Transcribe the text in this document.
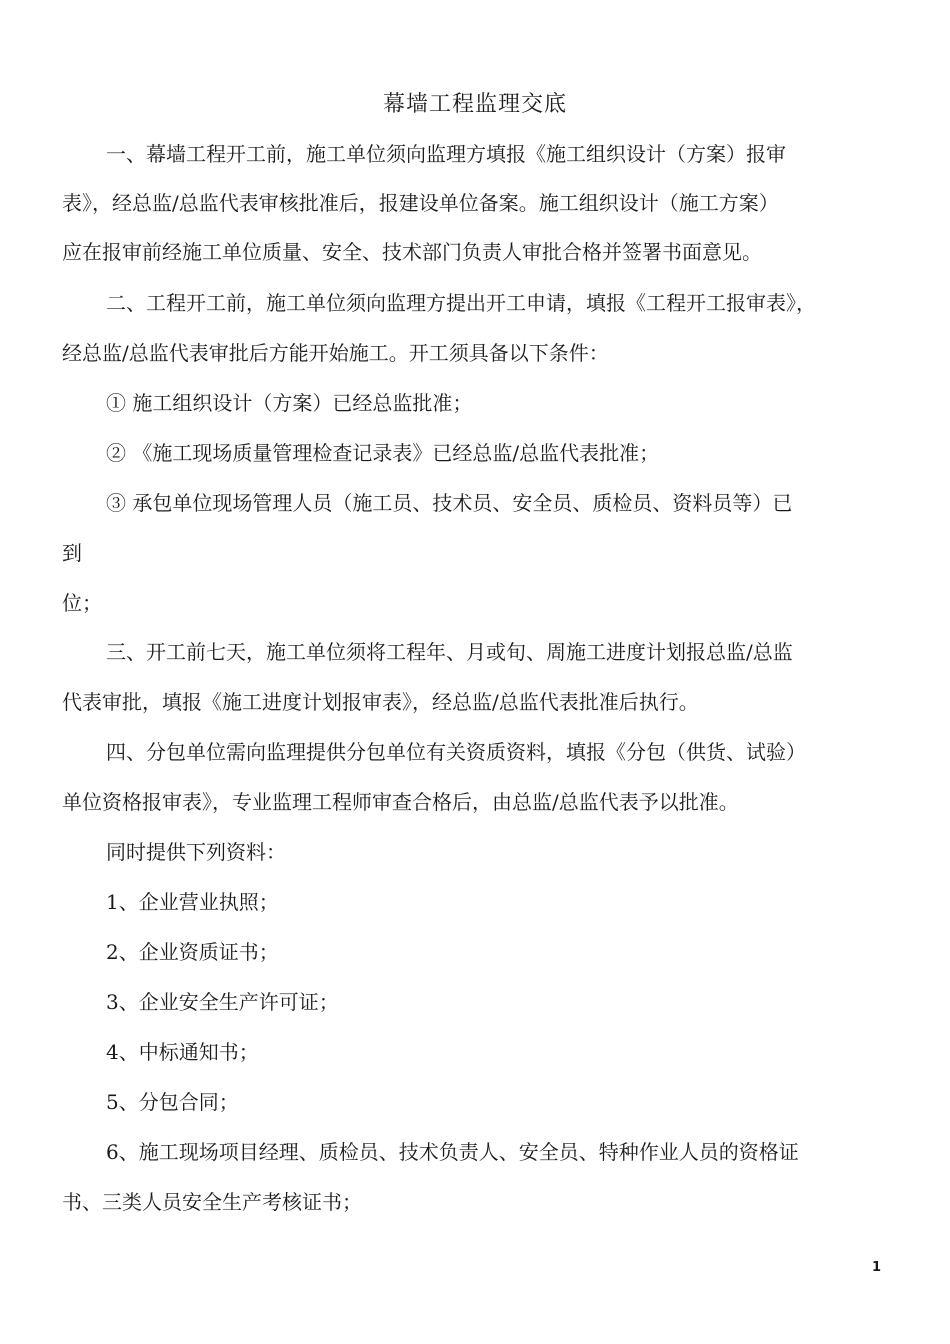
幕墙工程监理交底
一、幕墙工程开工前，施工单位须向监理方填报《施工组织设计（方案）报审
表》，经总监/总监代表审核批准后，报建设单位备案。施工组织设计（施工方案）
应在报审前经施工单位质量、安全、技术部门负责人审批合格并签署书面意见。
二、工程开工前，施工单位须向监理方提出开工申请，填报《工程开工报审表》，
经总监/总监代表审批后方能开始施工。开工须具备以下条件：
① 施工组织设计（方案）已经总监批准；
② 《施工现场质量管理检查记录表》已经总监/总监代表批准；
③ 承包单位现场管理人员（施工员、技术员、安全员、质检员、资料员等）已
到
位；
三、开工前七天，施工单位须将工程年、月或旬、周施工进度计划报总监/总监
代表审批，填报《施工进度计划报审表》，经总监/总监代表批准后执行。
四、分包单位需向监理提供分包单位有关资质资料，填报《分包（供货、试验）
单位资格报审表》，专业监理工程师审查合格后，由总监/总监代表予以批准。
同时提供下列资料：
1、企业营业执照；
2、企业资质证书；
3、企业安全生产许可证；
4、中标通知书；
5、分包合同；
6、施工现场项目经理、质检员、技术负责人、安全员、特种作业人员的资格证
书、三类人员安全生产考核证书；
1
